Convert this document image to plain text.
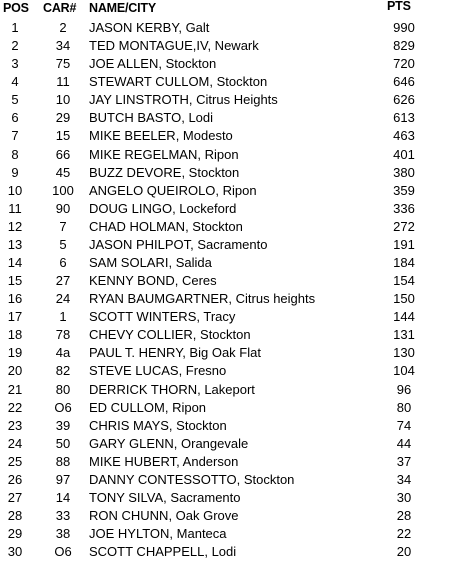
POS CAR# NAME/CITY	PTS
1	2	JASON KERBY, Galt	990
2	34	TED MONTAGUE,IV, Newark	829
3	75	JOE ALLEN, Stockton	720
4	11	STEWART CULLOM, Stockton	646
5	10	JAY LINSTROTH, Citrus Heights	626
6	29	BUTCH BASTO, Lodi	613
7	15	MIKE BEELER, Modesto	463
8	66	MIKE REGELMAN, Ripon	401
9	45	BUZZ DEVORE, Stockton	380
10	100	ANGELO QUEIROLO, Ripon	359
11	90	DOUG LINGO, Lockeford	336
12	7	CHAD HOLMAN, Stockton	272
13	5	JASON PHILPOT, Sacramento	191
14	6	SAM SOLARI, Salida	184
15	27	KENNY BOND, Ceres	154
16	24	RYAN BAUMGARTNER, Citrus heights	150
17	1	SCOTT WINTERS, Tracy	144
18	78	CHEVY COLLIER, Stockton	131
19	4a	PAUL T. HENRY, Big Oak Flat	130
20	82	STEVE LUCAS, Fresno	104
21	80	DERRICK THORN, Lakeport	96
22	O6	ED CULLOM, Ripon	80
23	39	CHRIS MAYS, Stockton	74
24	50	GARY GLENN, Orangevale	44
25	88	MIKE HUBERT, Anderson	37
26	97	DANNY CONTESSOTTO, Stockton	34
27	14	TONY SILVA, Sacramento	30
28	33	RON CHUNN, Oak Grove	28
29	38	JOE HYLTON, Manteca	22
30	O6	SCOTT CHAPPELL, Lodi	20
